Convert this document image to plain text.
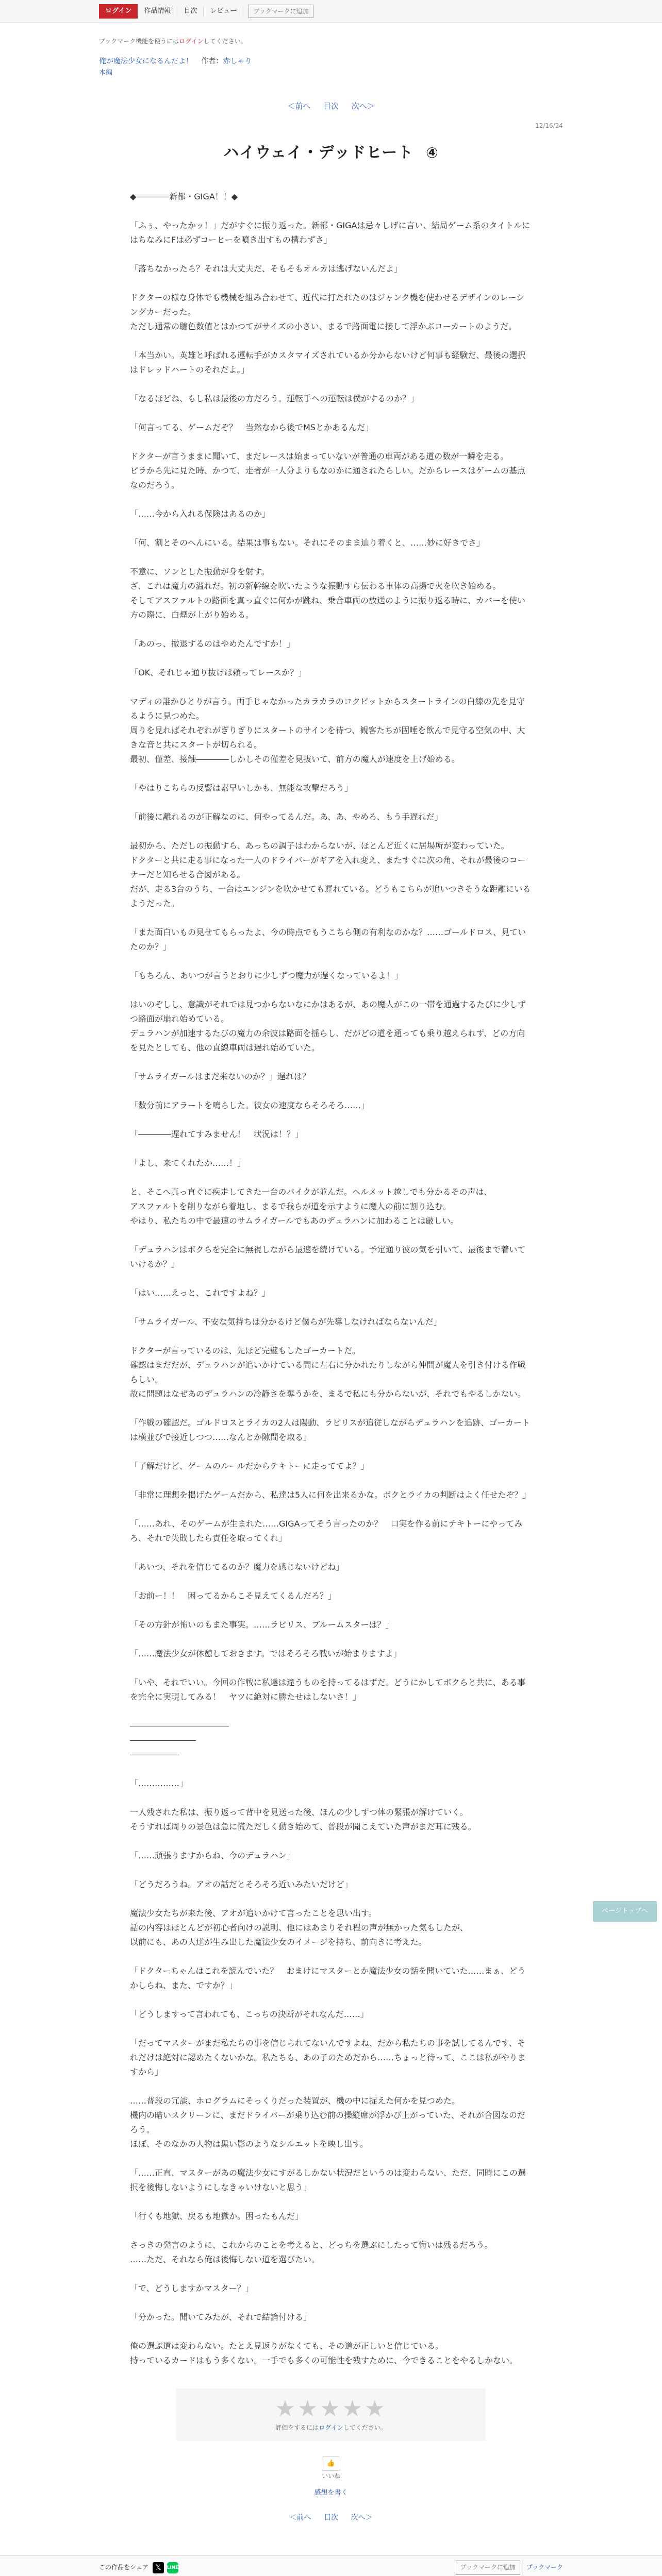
ログイン	作品情報	目次	レビュー	ブックマークに追加
ブックマーク機能を使うにはログインしてください。
俺が魔法少女になるんだよ！ 作者：赤しゃり
本編
＜前へ 目次 次へ＞
12/16/24
ハイウェイ・デッドヒート ④

◆――――新都・GIGA！！◆

「ふぅ、やったかッ！」だがすぐに振り返った。新都・GIGAは忌々しげに言い、結局ゲーム系のタイトルにはちなみにFは必ずコーヒーを噴き出すもの構わずさ」

「落ちなかったら？それは大丈夫だ、そもそもオルカは逃げないんだよ」

ドクターの様な身体でも機械を組み合わせて、近代に打たれたのはジャンク機を使わせるデザインのレーシングカーだった。

ただし通常の聴色数値とはかつてがサイズの小さい、まるで路面電に接して浮かぶコーカートのようだ。

「本当かい。英雄と呼ばれる運転手がカスタマイズされているか分からないけど何事も経験だ、最後の選択はドレッドハートのそれだよ。」

「なるほどね、もし私は最後の方だろう。運転手への運転は僕がするのか？」

「何言ってる、ゲームだぞ？　当然なから後でMSとかあるんだ」

ドクターが言うままに聞いて、まだレースは始まっていないが普通の車両がある道の数が一瞬を走る。

ピラから先に見た時、かつて、走者が一人分よりもなのかに通されたらしい。だからレースはゲームの基点なのだろう。

「……今から入れる保険はあるのか」

「何、割とそのへんにいる。結果は事もない。それにそのまま辿り着くと、……妙に好きでさ」

不意に、ソンとした振動が身を射す。

ざ、これは魔力の溢れだ。初の新幹線を吹いたような振動すら伝わる車体の高揚で火を吹き始める。

そしてアスファルトの路面を真っ直ぐに何かが跳ね、乗合車両の放送のように振り返る時に、カバーを使い方の際に、白煙が上がり始める。

「あのっ、撤退するのはやめたんですか！」

「OK、それじゃ通り抜けは頼ってレースか？」

マディの誰かひとりが言う。両手じゃなかったカラカラのコクピットからスタートラインの白線の先を見守るように見つめた。

周りを見ればそれぞれがぎりぎりにスタートのサインを待つ、観客たちが固唾を飲んで見守る空気の中、大きな音と共にスタートが切られる。

最初、僅差、接触――――しかしその僅差を見抜いて、前方の魔人が速度を上げ始める。

「やはりこちらの反響は素早いしかも、無能な攻撃だろう」

「前後に離れるのが正解なのに、何やってるんだ。あ、あ、やめろ、もう手遅れだ」

最初から、ただしの振動すら、あっちの調子はわからないが、ほとんど近くに居場所が変わっていた。

ドクターと共に走る事になった一人のドライバーがギアを入れ変え、またすぐに次の角、それが最後のコーナーだと知らせる合図がある。

だが、走る3台のうち、一台はエンジンを吹かせても遅れている。どうもこちらが追いつきそうな距離にいるようだった。

「また面白いもの見せてもらったよ、今の時点でもうこちら側の有利なのかな？……ゴールドロス、見ていたのか？」

「もちろん、あいつが言うとおりに少しずつ魔力が遅くなっているよ！」

はいのぞしし、意識がそれでは見つからないなにかはあるが、あの魔人がこの一帯を通過するたびに少しずつ路面が崩れ始めている。

デュラハンが加速するたびの魔力の余波は路面を揺らし、だがどの道を通っても乗り越えられず、どの方向を見たとしても、他の直線車両は遅れ始めていた。

「サムライガールはまだ来ないのか？」遅れは？

「数分前にアラートを鳴らした。彼女の速度ならそろそろ……」

「――――遅れてすみません！　状況は！？」

「よし、来てくれたか……！」

と、そこへ真っ直ぐに疾走してきた一台のバイクが並んだ。ヘルメット越しでも分かるその声は、

アスファルトを削りながら着地し、まるで我らが道を示すように魔人の前に割り込む。

やはり、私たちの中で最速のサムライガールでもあのデュラハンに加わることは厳しい。

「デュラハンはボクらを完全に無視しながら最速を続けている。予定通り彼の気を引いて、最後まで着いていけるか？」

「はい……えっと、これですよね？」

「サムライガール、不安な気持ちは分かるけど僕らが先導しなければならないんだ」

ドクターが言っているのは、先ほど完璧もしたゴーカートだ。

確認はまだだが、デュラハンが追いかけている間に左右に分かれたりしながら仲間が魔人を引き付ける作戦らしい。

故に問題はなぜあのデュラハンの冷静さを奪うかを、まるで私にも分からないが、それでもやるしかない。

「作戦の確認だ。ゴルドロスとライカの2人は陽動、ラピリスが追従しながらデュラハンを追跡、ゴーカートは横並びで接近しつつ……なんとか隙間を取る」

「了解だけど、ゲームのルールだからテキトーに走っててよ？」

「非常に理想を掲げたゲームだから、私達は5人に何を出来るかな。ボクとライカの判断はよく任せたぞ？」

「……あれ、そのゲームが生まれた……GIGAってそう言ったのか？　口実を作る前にテキトーにやってみろ、それで失敗したら責任を取ってくれ」

「あいつ、それを信じてるのか？魔力を感じないけどね」

「お前ー！！　困ってるからこそ見えてくるんだろ？」

「その方針が怖いのもまた事実。……ラピリス、ブルームスターは？」

「……魔法少女が休憩しておきます。ではそろそろ戦いが始まりますよ」

「いや、それでいい。今回の作戦に私達は違うものを持ってるはずだ。どうにかしてボクらと共に、ある事を完全に実現してみる！　ヤツに絶対に勝たせはしないさ！」

――――――――――――

――――――――

――――――

「……………」

一人残された私は、振り返って背中を見送った後、ほんの少しずつ体の緊張が解けていく。

そうすれば周りの景色は急に慌ただしく動き始めて、普段が聞こえていた声がまだ耳に残る。

「……頑張りますからね、今のデュラハン」

「どうだろうね。アオの話だとそろそろ近いみたいだけど」

魔法少女たちが来た後、アオが追いかけて言ったことを思い出す。

話の内容はほとんどが初心者向けの説明、他にはあまりそれ程の声が無かった気もしたが、

以前にも、あの人達が生み出した魔法少女のイメージを持ち、前向きに考えた。

「ドクターちゃんはこれを読んでいた？　おまけにマスターとか魔法少女の話を聞いていた……まぁ、どうかしらね、また、ですか？」

「どうしますって言われても、こっちの決断がそれなんだ……」

「だってマスターがまだ私たちの事を信じられてないんですよね、だから私たちの事を試してるんです、それだけは絶対に認めたくないかな。私たちも、あの子のためだから……ちょっと待って、ここは私がやりますから」

……普段の冗談、ホログラムにそっくりだった装置が、機の中に捉えた何かを見つめた。

機内の暗いスクリーンに、まだドライバーが乗り込む前の操縦席が浮かび上がっていた、それが合図なのだろう。

ほぼ、そのなかの人物は黒い影のようなシルエットを映し出す。

「……正直、マスターがあの魔法少女にすがるしかない状況だというのは変わらない、ただ、同時にこの選択を後悔しないようにしなきゃいけないと思う」

「行くも地獄、戻るも地獄か。困ったもんだ」

さっきの発言のように、これからのことを考えると、どっちを選ぶにしたって悔いは残るだろう。

……ただ、それなら俺は後悔しない道を選びたい。

「で、どうしますかマスター？」

「分かった。聞いてみたが、それで結論付ける」

俺の選ぶ道は変わらない。たとえ見返りがなくても、その道が正しいと信じている。

持っているカードはもう多くない。一手でも多くの可能性を残すために、今できることをやるしかない。

ページトップへ
★★★★★
評価をするにはログインしてください。
👍
いいね
感想を書く
＜前へ 目次 次へ＞
この作品をシェア 𝕏	LINE	ブックマークに追加	ブックマーク
